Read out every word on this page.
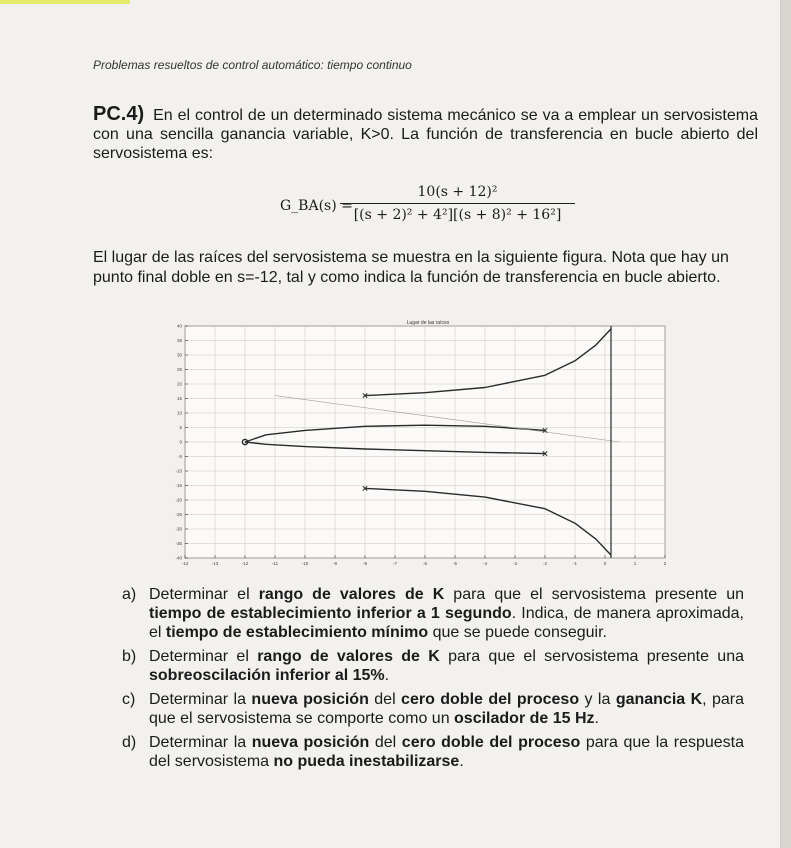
Problemas resueltos de control automático: tiempo continuo
PC.4) En el control de un determinado sistema mecánico se va a emplear un servosistema con una sencilla ganancia variable, K>0. La función de transferencia en bucle abierto del servosistema es:
G_BA(s) =
$\frac{\text{10(s + 12)²}}{\text{[(s + 2)² + 4²][(s + 8)² + 16²]}}$
El lugar de las raíces del servosistema se muestra en la siguiente figura. Nota que hay un punto final doble en s=-12, tal y como indica la función de transferencia en bucle abierto.
Lugar de las raíces
-14	-13	-12	-11	-10	-9	-8	-7	-6	-5	-4	-3	-2	-1	0	1	2
-40
-35
-30
-25
-20
-15
-10
-5
0
5
10
15
20
25
30
35
40
a) Determinar el rango de valores de K para que el servosistema presente un tiempo de establecimiento inferior a 1 segundo. Indica, de manera aproximada, el tiempo de establecimiento mínimo que se puede conseguir.
b) Determinar el rango de valores de K para que el servosistema presente una sobreoscilación inferior al 15%.
c) Determinar la nueva posición del cero doble del proceso y la ganancia K, para que el servosistema se comporte como un oscilador de 15 Hz.
d) Determinar la nueva posición del cero doble del proceso para que la respuesta del servosistema no pueda inestabilizarse.
